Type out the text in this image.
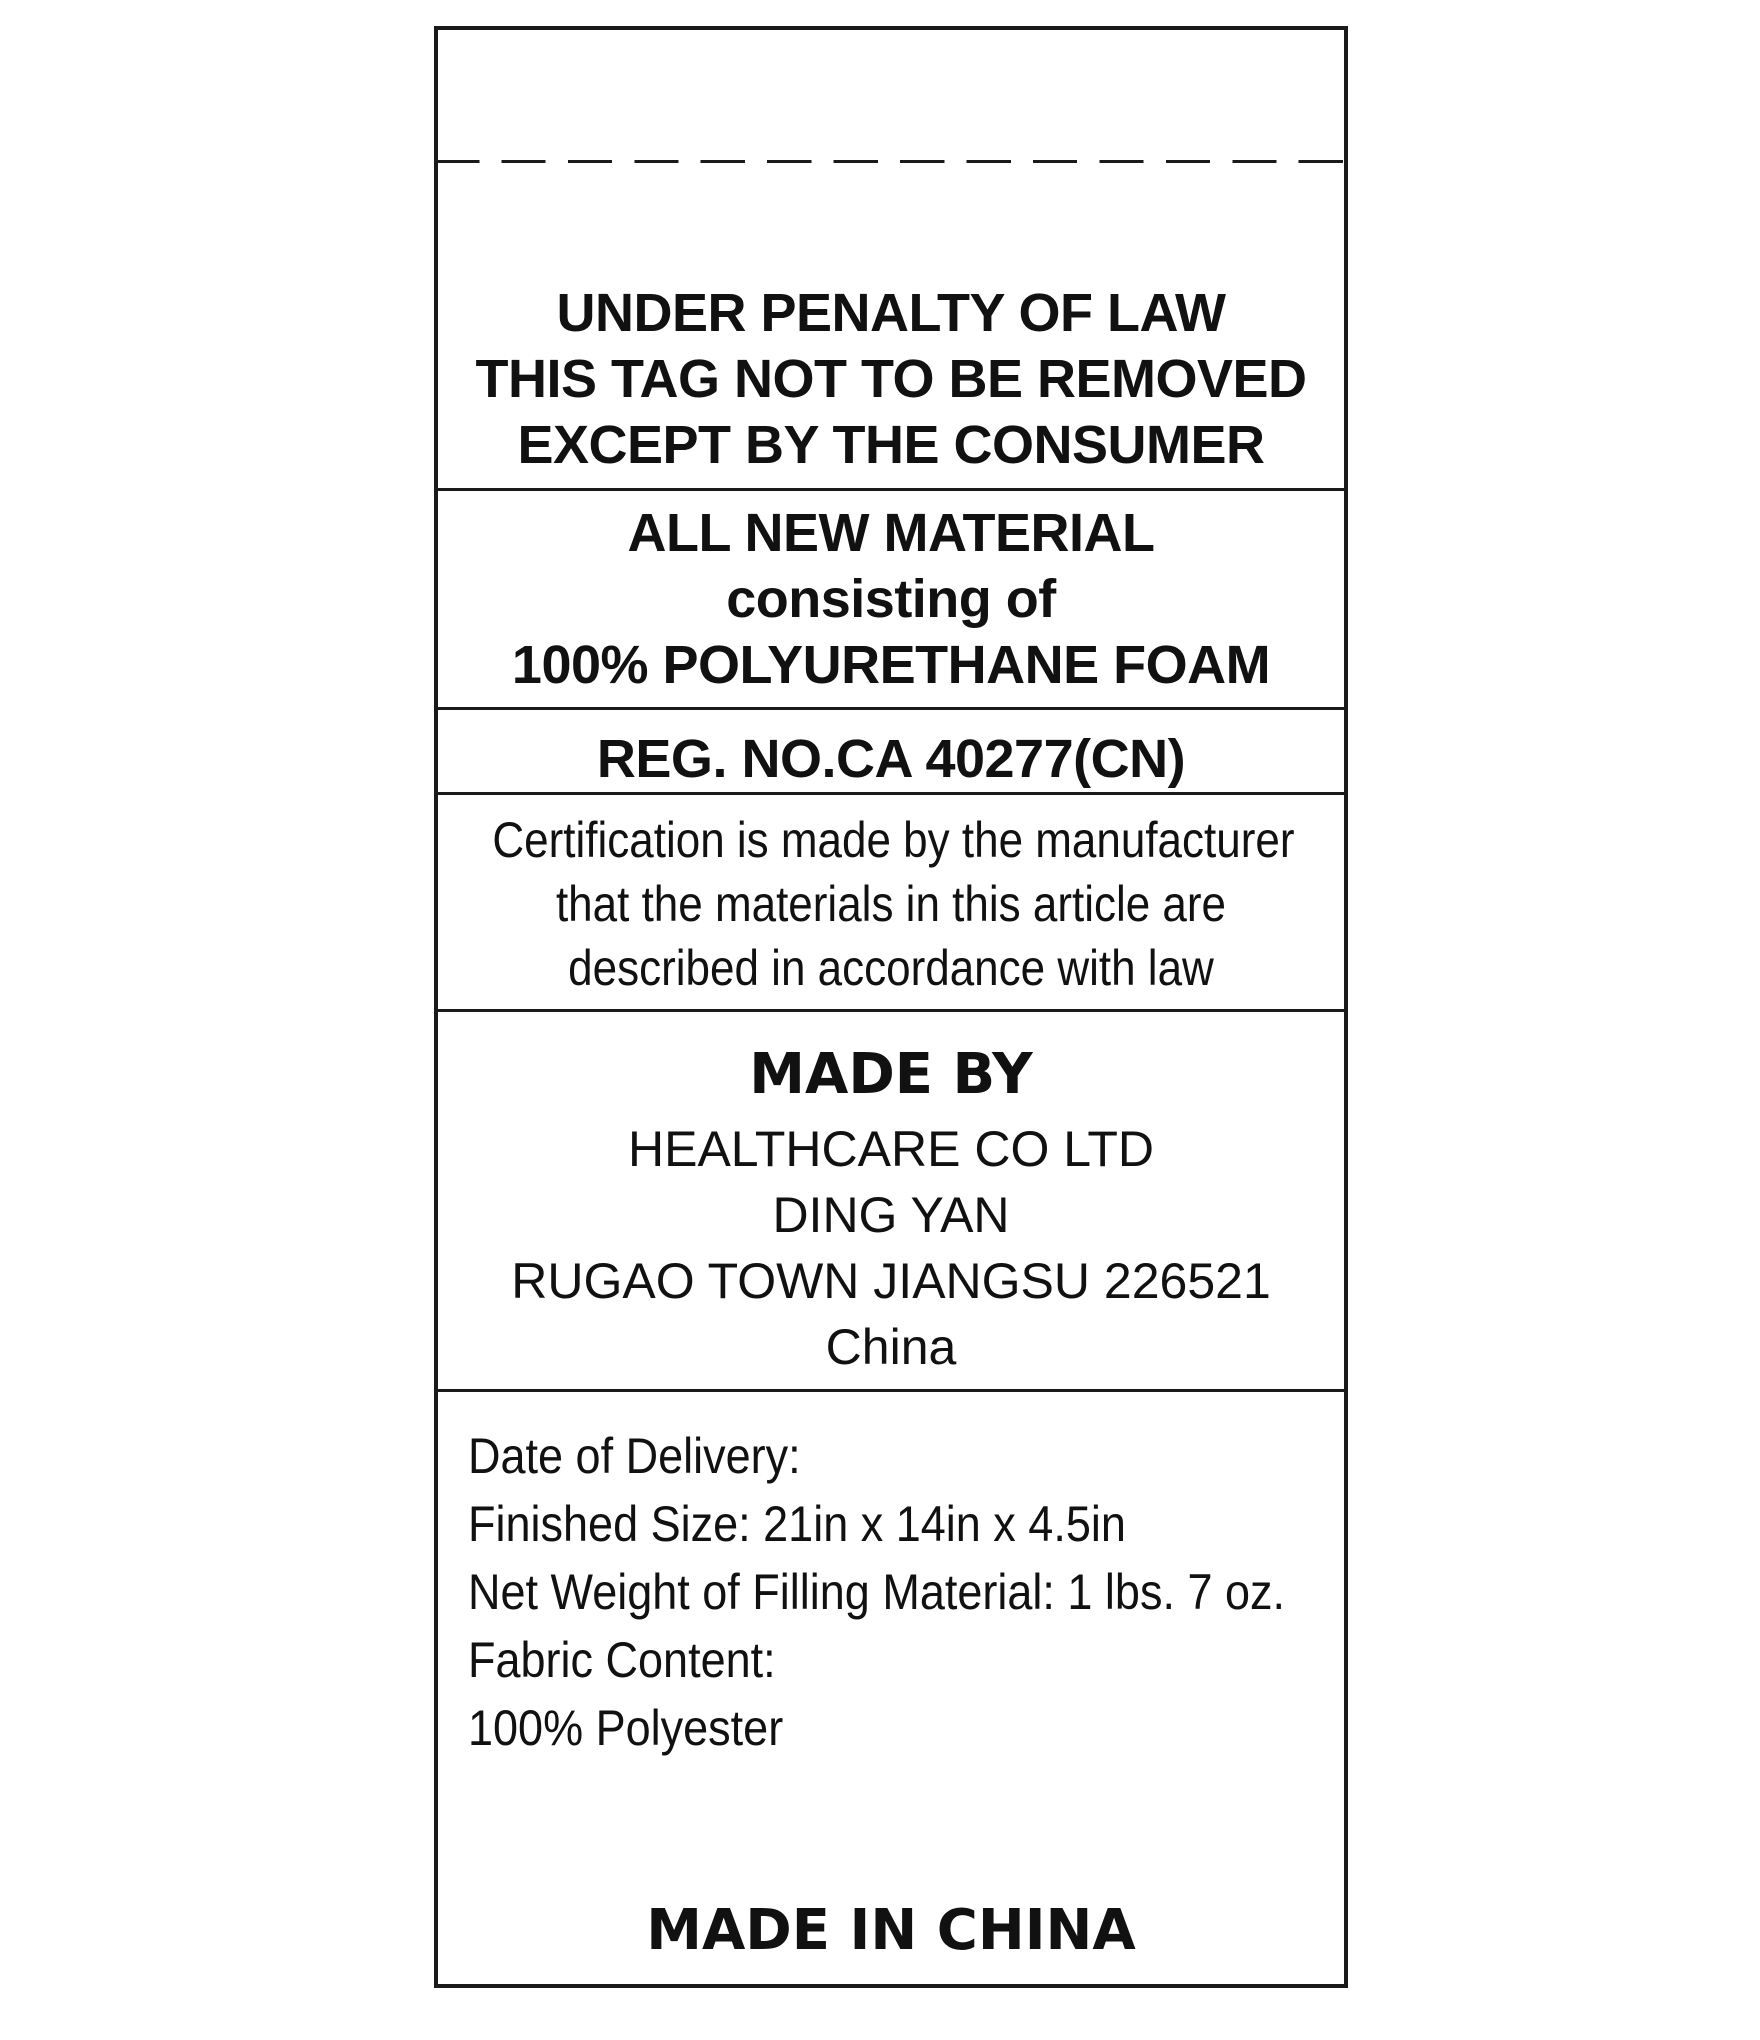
UNDER PENALTY OF LAW
THIS TAG NOT TO BE REMOVED
EXCEPT BY THE CONSUMER
ALL NEW MATERIAL
consisting of
100% POLYURETHANE FOAM
REG. NO.CA 40277(CN)
Certification is made by the manufacturer
that the materials in this article are
described in accordance with law
MADE BY
HEALTHCARE CO LTD
DING YAN
RUGAO TOWN JIANGSU 226521
China
Date of Delivery:
Finished Size: 21in x 14in x 4.5in
Net Weight of Filling Material: 1 lbs. 7 oz.
Fabric Content:
100% Polyester
MADE IN CHINA
